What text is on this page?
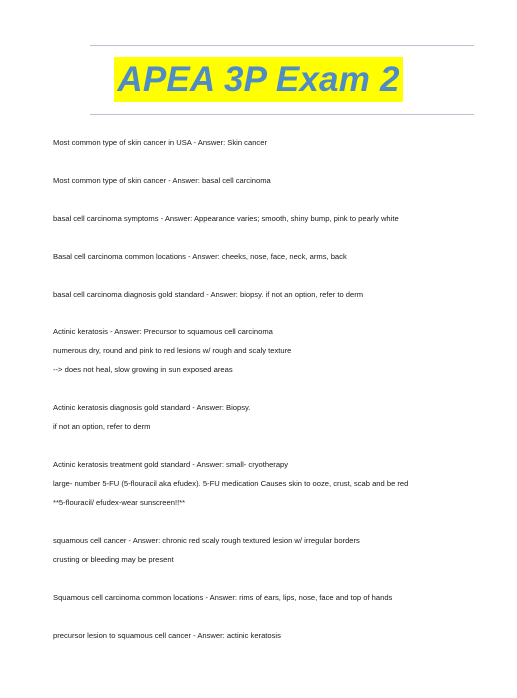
APEA 3P Exam 2
Most common type of skin cancer in USA - Answer: Skin cancer
Most common type of skin cancer - Answer: basal cell carcinoma
basal cell carcinoma symptoms - Answer: Appearance varies; smooth, shiny bump, pink to pearly white
Basal cell carcinoma common locations - Answer: cheeks, nose, face, neck, arms, back
basal cell carcinoma diagnosis gold standard - Answer: biopsy. if not an option, refer to derm
Actinic keratosis - Answer: Precursor to squamous cell carcinoma
numerous dry, round and pink to red lesions w/ rough and scaly texture
--> does not heal, slow growing in sun exposed areas
Actinic keratosis diagnosis gold standard - Answer: Biopsy.
if not an option, refer to derm
Actinic keratosis treatment gold standard - Answer: small- cryotherapy
large- number 5-FU (5-flouracil aka efudex). 5-FU medication Causes skin to ooze, crust, scab and be red
**5-flouracil/ efudex-wear sunscreen!!**
squamous cell cancer - Answer: chronic red scaly rough textured lesion w/ irregular borders
crusting or bleeding may be present
Squamous cell carcinoma common locations - Answer: rims of ears, lips, nose, face and top of hands
precursor lesion to squamous cell cancer - Answer: actinic keratosis
